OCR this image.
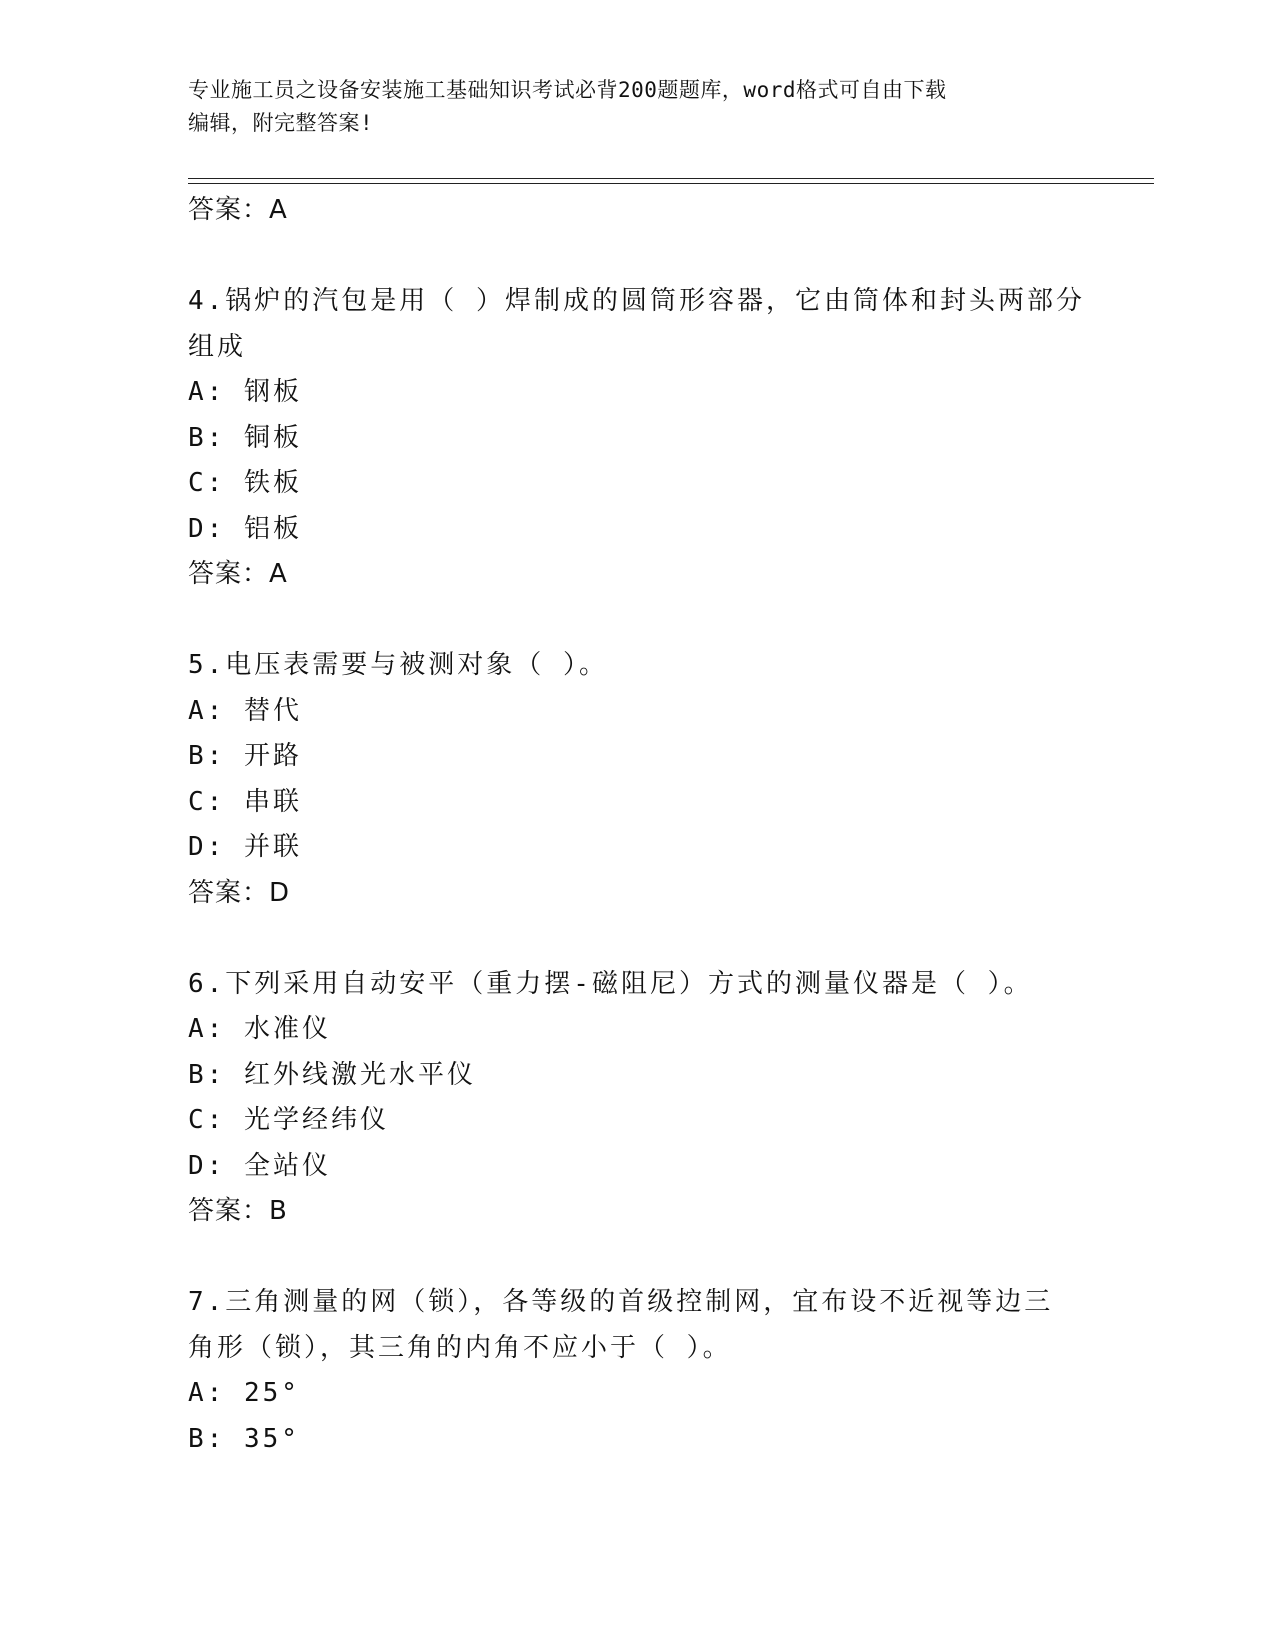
专业施工员之设备安装施工基础知识考试必背200题题库，word格式可自由下载
编辑，附完整答案!
答案：A
4.锅炉的汽包是用（ ）焊制成的圆筒形容器，它由筒体和封头两部分
组成
A: 钢板
B: 铜板
C: 铁板
D: 铝板
答案：A
5.电压表需要与被测对象（ ）。
A: 替代
B: 开路
C: 串联
D: 并联
答案：D
6.下列采用自动安平（重力摆-磁阻尼）方式的测量仪器是（ ）。
A: 水准仪
B: 红外线激光水平仪
C: 光学经纬仪
D: 全站仪
答案：B
7.三角测量的网（锁），各等级的首级控制网，宜布设不近视等边三
角形（锁），其三角的内角不应小于（ ）。
A: 25°
B: 35°
